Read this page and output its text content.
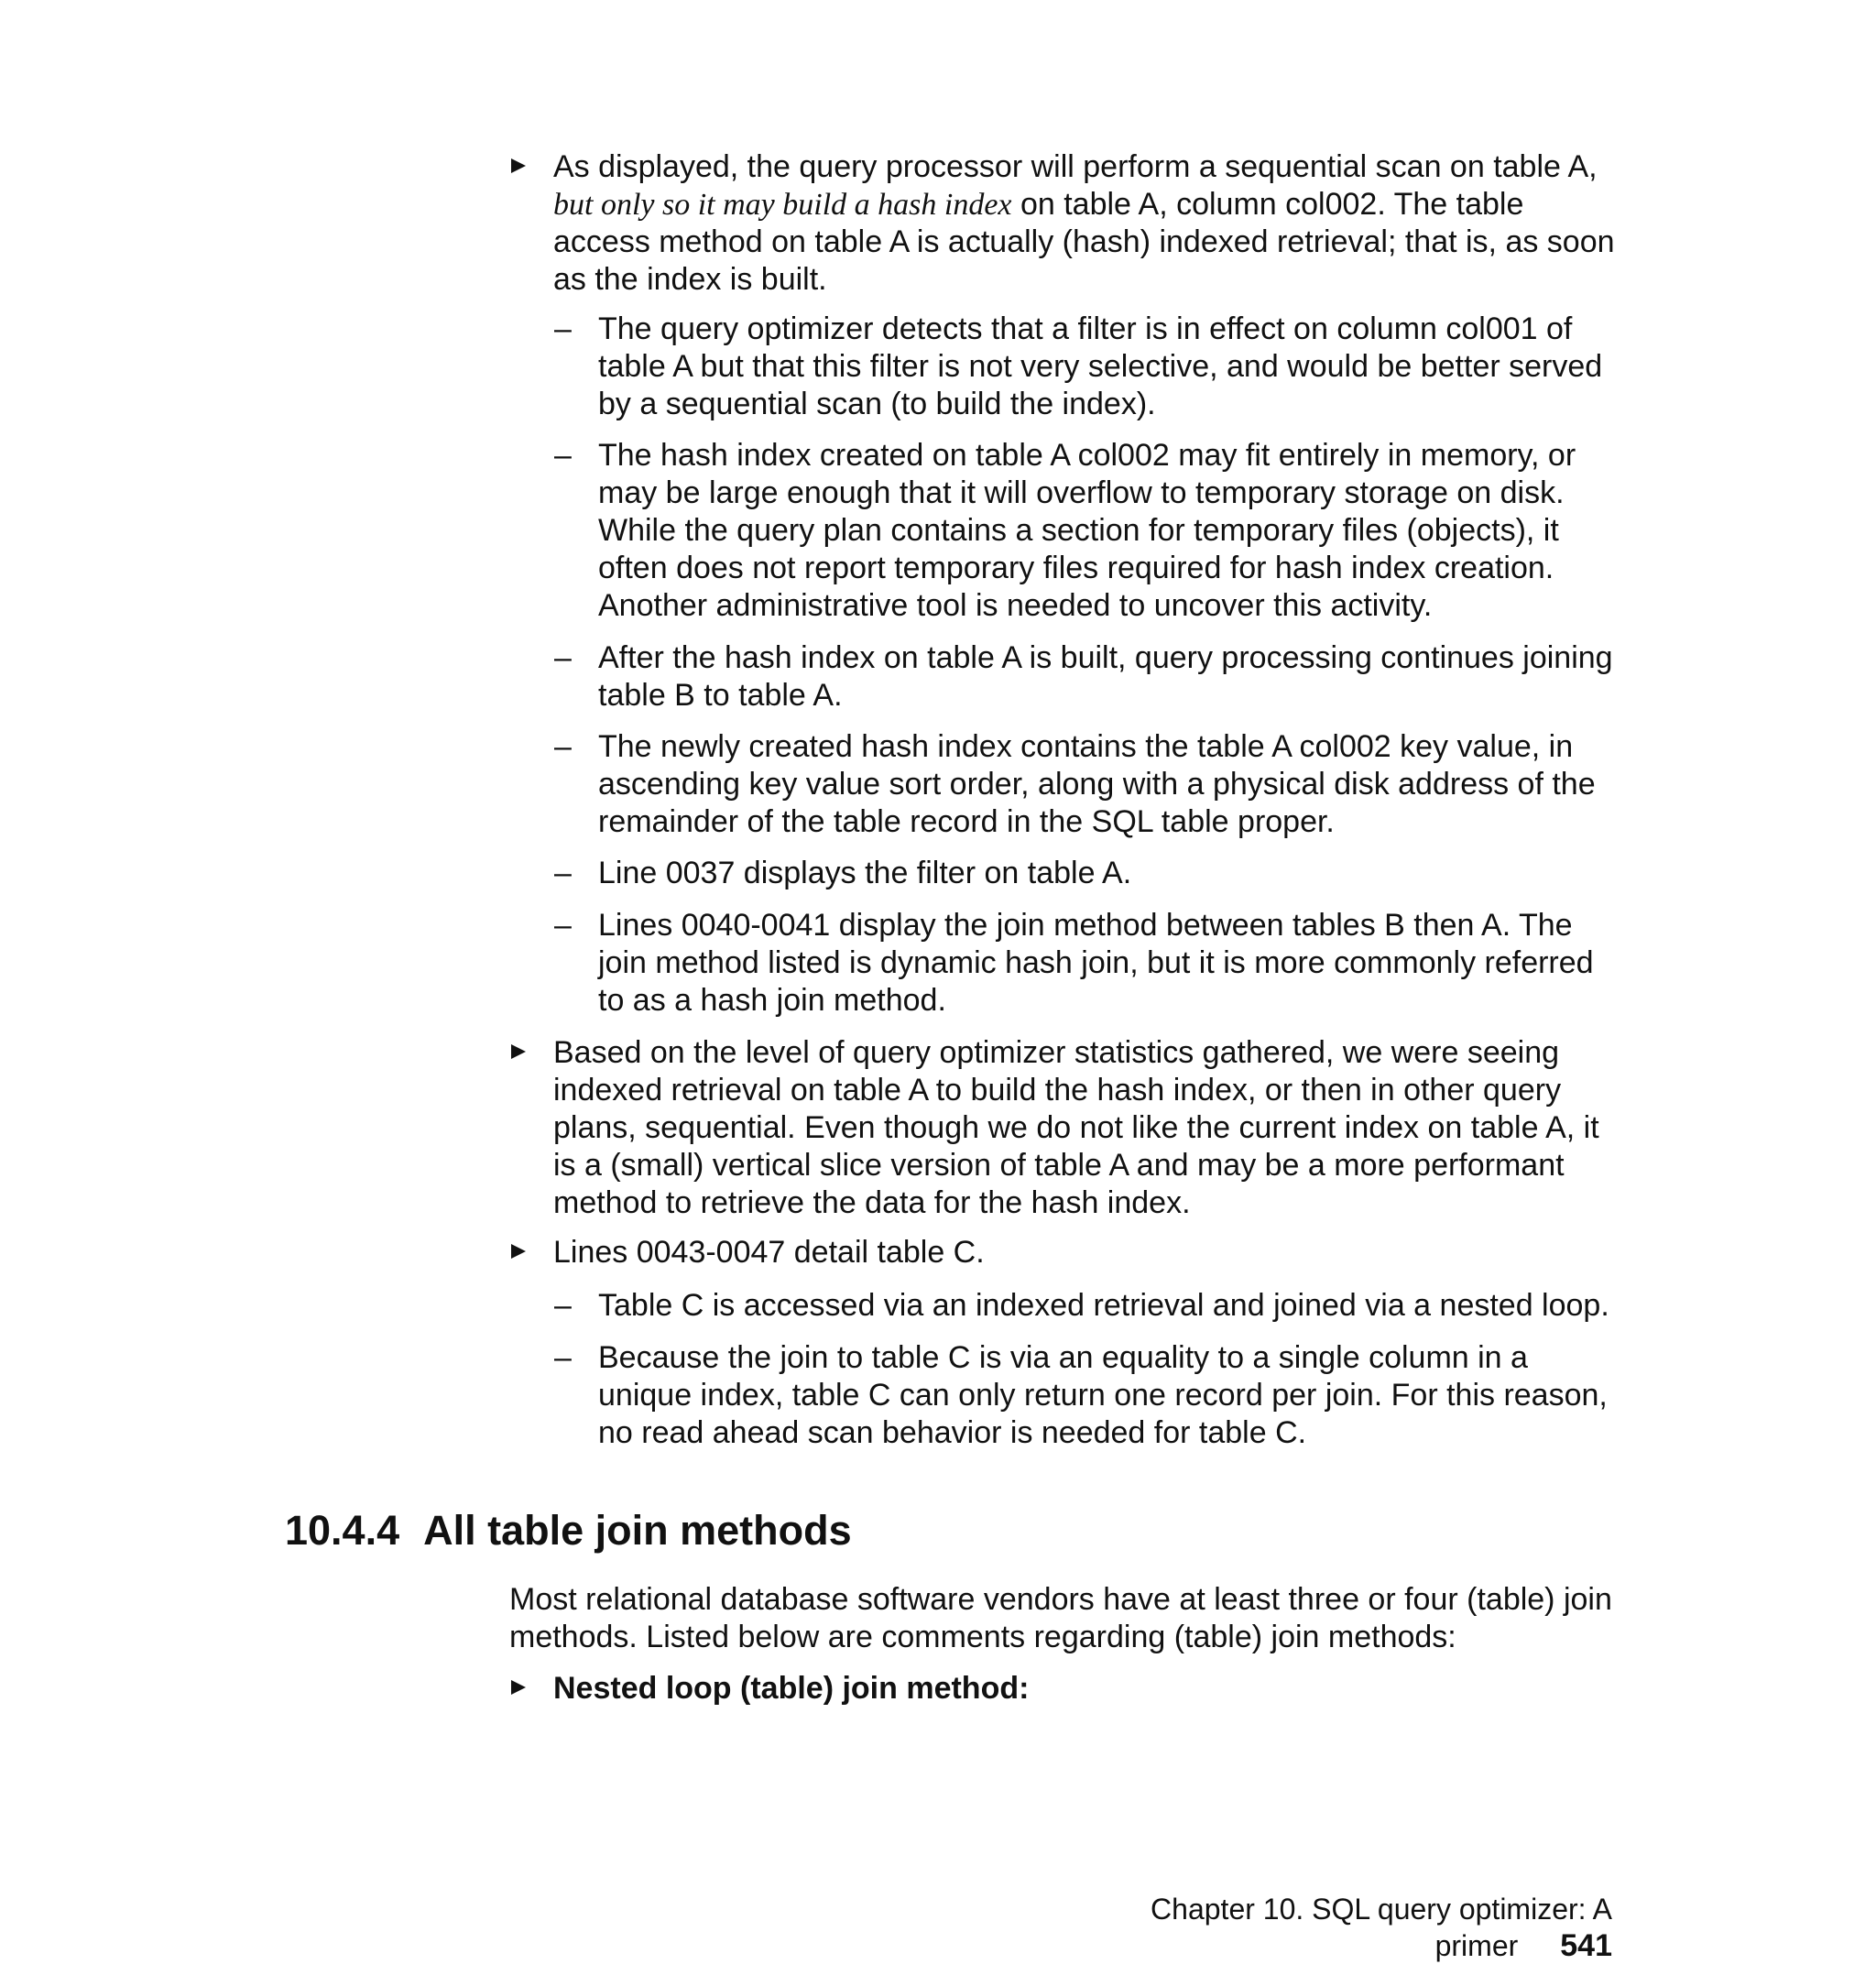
As displayed, the query processor will perform a sequential scan on table A,
but only so it may build a hash index on table A, column col002. The table access method on table A is actually (hash) indexed retrieval; that is, as soon as the index is built.
– The query optimizer detects that a filter is in effect on column col001 of table A but that this filter is not very selective, and would be better served by a sequential scan (to build the index).
– The hash index created on table A col002 may fit entirely in memory, or may be large enough that it will overflow to temporary storage on disk. While the query plan contains a section for temporary files (objects), it often does not report temporary files required for hash index creation. Another administrative tool is needed to uncover this activity.
– After the hash index on table A is built, query processing continues joining table B to table A.
– The newly created hash index contains the table A col002 key value, in ascending key value sort order, along with a physical disk address of the remainder of the table record in the SQL table proper.
– Line 0037 displays the filter on table A.
– Lines 0040-0041 display the join method between tables B then A. The join method listed is dynamic hash join, but it is more commonly referred to as a hash join method.
Based on the level of query optimizer statistics gathered, we were seeing indexed retrieval on table A to build the hash index, or then in other query plans, sequential. Even though we do not like the current index on table A, it is a (small) vertical slice version of table A and may be a more performant method to retrieve the data for the hash index.
Lines 0043-0047 detail table C.
– Table C is accessed via an indexed retrieval and joined via a nested loop.
– Because the join to table C is via an equality to a single column in a unique index, table C can only return one record per join. For this reason, no read ahead scan behavior is needed for table C.
10.4.4 All table join methods
Most relational database software vendors have at least three or four (table) join methods. Listed below are comments regarding (table) join methods:
Nested loop (table) join method:
Chapter 10. SQL query optimizer: A primer 541
